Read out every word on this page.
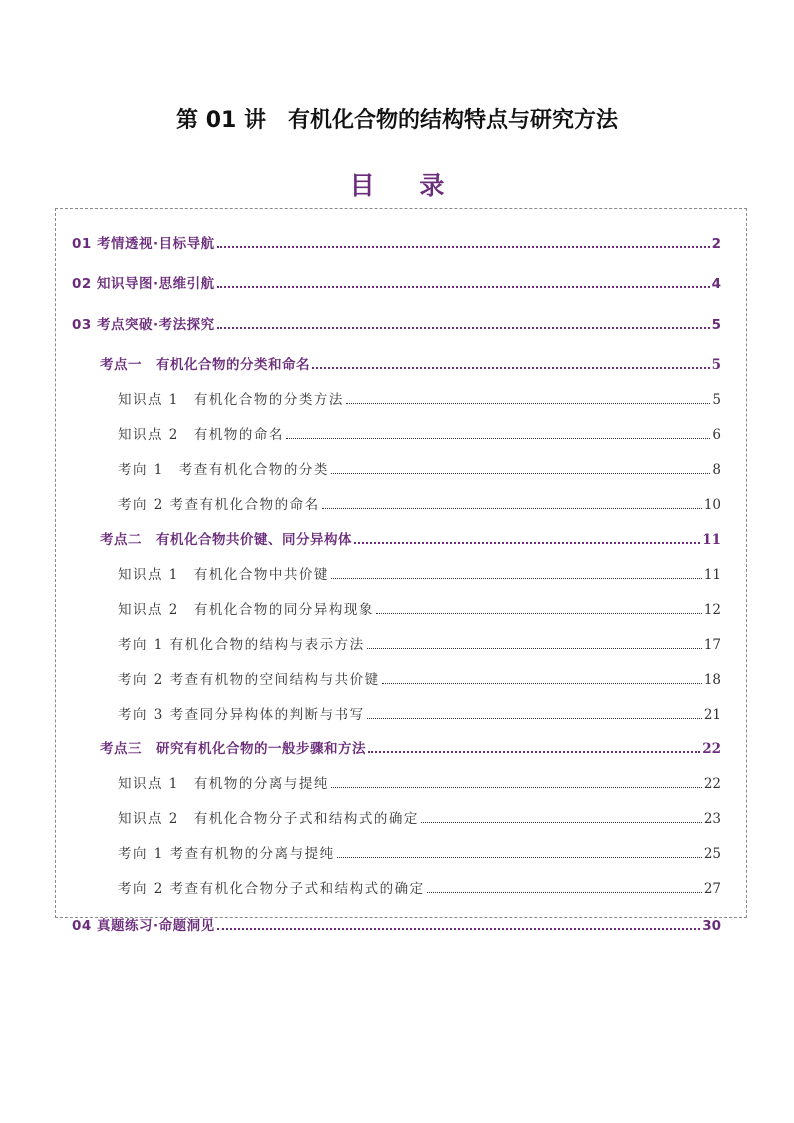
第 01 讲　有机化合物的结构特点与研究方法
目 录
01 考情透视·目标导航	2
02 知识导图·思维引航	4
03 考点突破·考法探究	5
考点一　有机化合物的分类和命名	5
知识点 1　有机化合物的分类方法	5
知识点 2　有机物的命名	6
考向 1　考查有机化合物的分类	8
考向 2 考查有机化合物的命名	10
考点二　有机化合物共价键、同分异构体	11
知识点 1　有机化合物中共价键	11
知识点 2　有机化合物的同分异构现象	12
考向 1 有机化合物的结构与表示方法	17
考向 2 考查有机物的空间结构与共价键	18
考向 3 考查同分异构体的判断与书写	21
考点三　研究有机化合物的一般步骤和方法	22
知识点 1　有机物的分离与提纯	22
知识点 2　有机化合物分子式和结构式的确定	23
考向 1 考查有机物的分离与提纯	25
考向 2 考查有机化合物分子式和结构式的确定	27
04 真题练习·命题洞见	30
